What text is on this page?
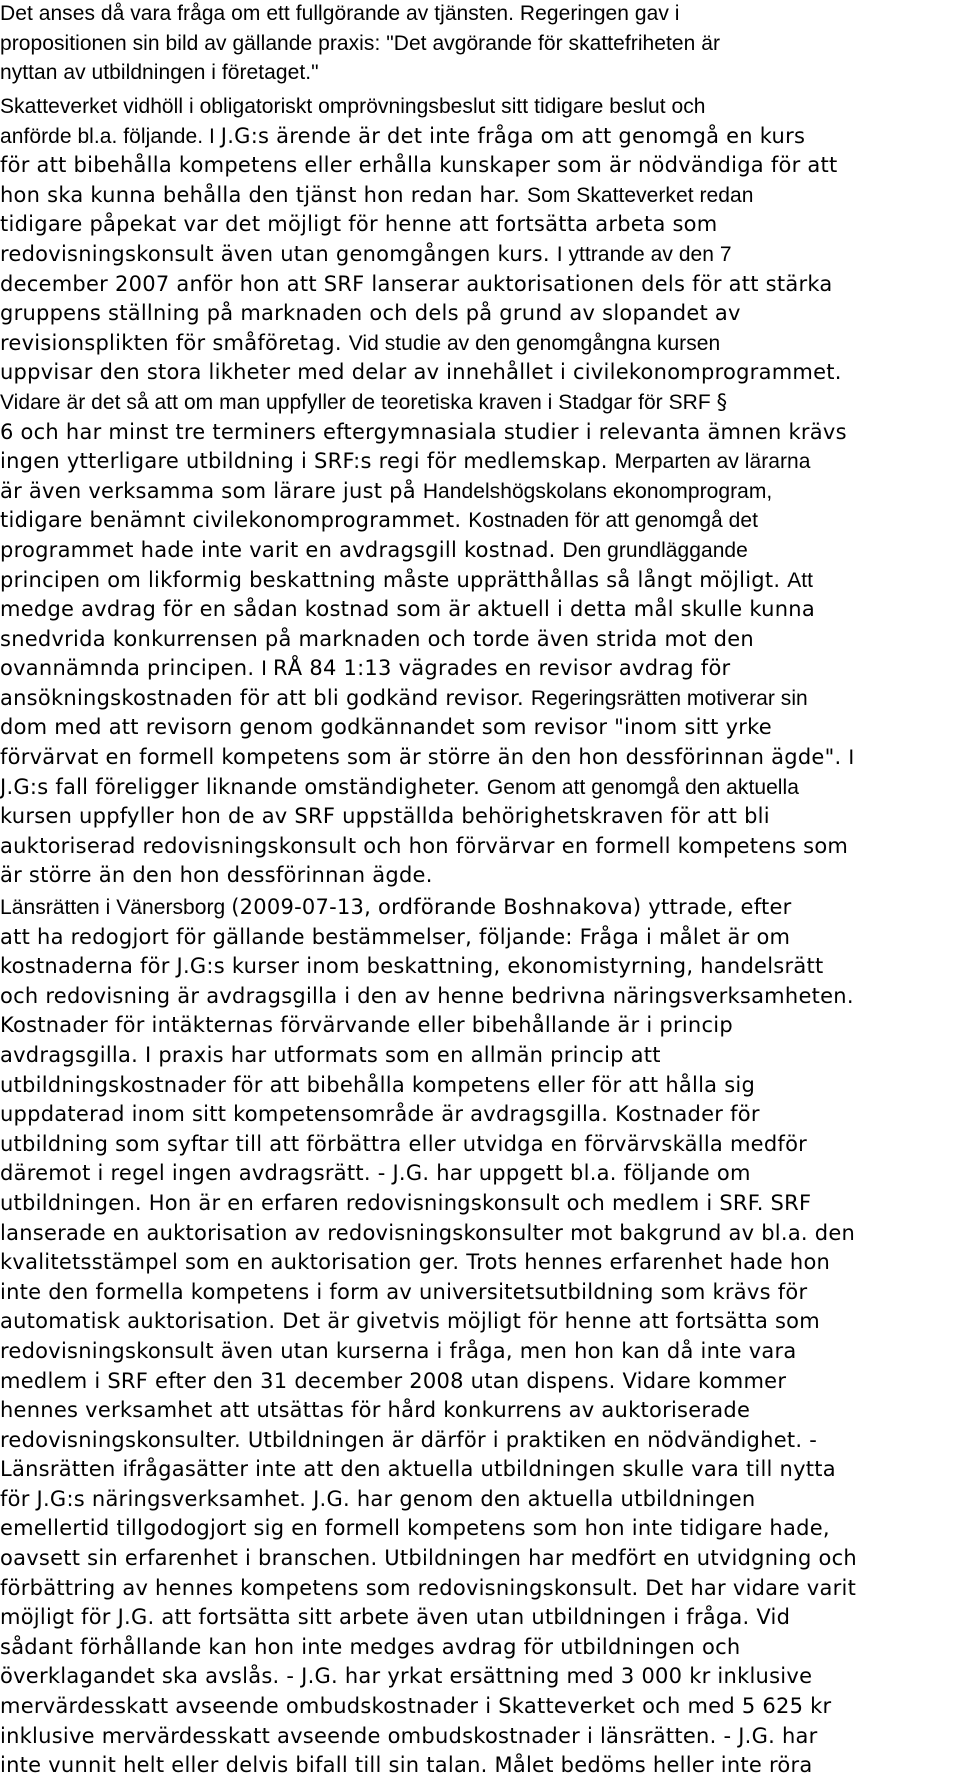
Det anses då vara fråga om ett fullgörande av tjänsten. Regeringen gav i
propositionen sin bild av gällande praxis: "Det avgörande för skattefriheten är
nyttan av utbildningen i företaget."
Skatteverket vidhöll i obligatoriskt omprövningsbeslut sitt tidigare beslut och
anförde bl.a. följande. I J.G:s ärende är det inte fråga om att genomgå en kurs
för att bibehålla kompetens eller erhålla kunskaper som är nödvändiga för att
hon ska kunna behålla den tjänst hon redan har. Som Skatteverket redan
tidigare påpekat var det möjligt för henne att fortsätta arbeta som
redovisningskonsult även utan genomgången kurs. I yttrande av den 7
december 2007 anför hon att SRF lanserar auktorisationen dels för att stärka
gruppens ställning på marknaden och dels på grund av slopandet av
revisionsplikten för småföretag. Vid studie av den genomgångna kursen
uppvisar den stora likheter med delar av innehållet i civilekonomprogrammet.
Vidare är det så att om man uppfyller de teoretiska kraven i Stadgar för SRF §
6 och har minst tre terminers eftergymnasiala studier i relevanta ämnen krävs
ingen ytterligare utbildning i SRF:s regi för medlemskap. Merparten av lärarna
är även verksamma som lärare just på Handelshögskolans ekonomprogram,
tidigare benämnt civilekonomprogrammet. Kostnaden för att genomgå det
programmet hade inte varit en avdragsgill kostnad. Den grundläggande
principen om likformig beskattning måste upprätthållas så långt möjligt. Att
medge avdrag för en sådan kostnad som är aktuell i detta mål skulle kunna
snedvrida konkurrensen på marknaden och torde även strida mot den
ovannämnda principen. I RÅ 84 1:13 vägrades en revisor avdrag för
ansökningskostnaden för att bli godkänd revisor. Regeringsrätten motiverar sin
dom med att revisorn genom godkännandet som revisor "inom sitt yrke
förvärvat en formell kompetens som är större än den hon dessförinnan ägde". I
J.G:s fall föreligger liknande omständigheter. Genom att genomgå den aktuella
kursen uppfyller hon de av SRF uppställda behörighetskraven för att bli
auktoriserad redovisningskonsult och hon förvärvar en formell kompetens som
är större än den hon dessförinnan ägde.
Länsrätten i Vänersborg (2009-07-13, ordförande Boshnakova) yttrade, efter
att ha redogjort för gällande bestämmelser, följande: Fråga i målet är om
kostnaderna för J.G:s kurser inom beskattning, ekonomistyrning, handelsrätt
och redovisning är avdragsgilla i den av henne bedrivna näringsverksamheten.
Kostnader för intäkternas förvärvande eller bibehållande är i princip
avdragsgilla. I praxis har utformats som en allmän princip att
utbildningskostnader för att bibehålla kompetens eller för att hålla sig
uppdaterad inom sitt kompetensområde är avdragsgilla. Kostnader för
utbildning som syftar till att förbättra eller utvidga en förvärvskälla medför
däremot i regel ingen avdragsrätt. - J.G. har uppgett bl.a. följande om
utbildningen. Hon är en erfaren redovisningskonsult och medlem i SRF. SRF
lanserade en auktorisation av redovisningskonsulter mot bakgrund av bl.a. den
kvalitetsstämpel som en auktorisation ger. Trots hennes erfarenhet hade hon
inte den formella kompetens i form av universitetsutbildning som krävs för
automatisk auktorisation. Det är givetvis möjligt för henne att fortsätta som
redovisningskonsult även utan kurserna i fråga, men hon kan då inte vara
medlem i SRF efter den 31 december 2008 utan dispens. Vidare kommer
hennes verksamhet att utsättas för hård konkurrens av auktoriserade
redovisningskonsulter. Utbildningen är därför i praktiken en nödvändighet. -
Länsrätten ifrågasätter inte att den aktuella utbildningen skulle vara till nytta
för J.G:s näringsverksamhet. J.G. har genom den aktuella utbildningen
emellertid tillgodogjort sig en formell kompetens som hon inte tidigare hade,
oavsett sin erfarenhet i branschen. Utbildningen har medfört en utvidgning och
förbättring av hennes kompetens som redovisningskonsult. Det har vidare varit
möjligt för J.G. att fortsätta sitt arbete även utan utbildningen i fråga. Vid
sådant förhållande kan hon inte medges avdrag för utbildningen och
överklagandet ska avslås. - J.G. har yrkat ersättning med 3 000 kr inklusive
mervärdesskatt avseende ombudskostnader i Skatteverket och med 5 625 kr
inklusive mervärdesskatt avseende ombudskostnader i länsrätten. - J.G. har
inte vunnit helt eller delvis bifall till sin talan. Målet bedöms heller inte röra
